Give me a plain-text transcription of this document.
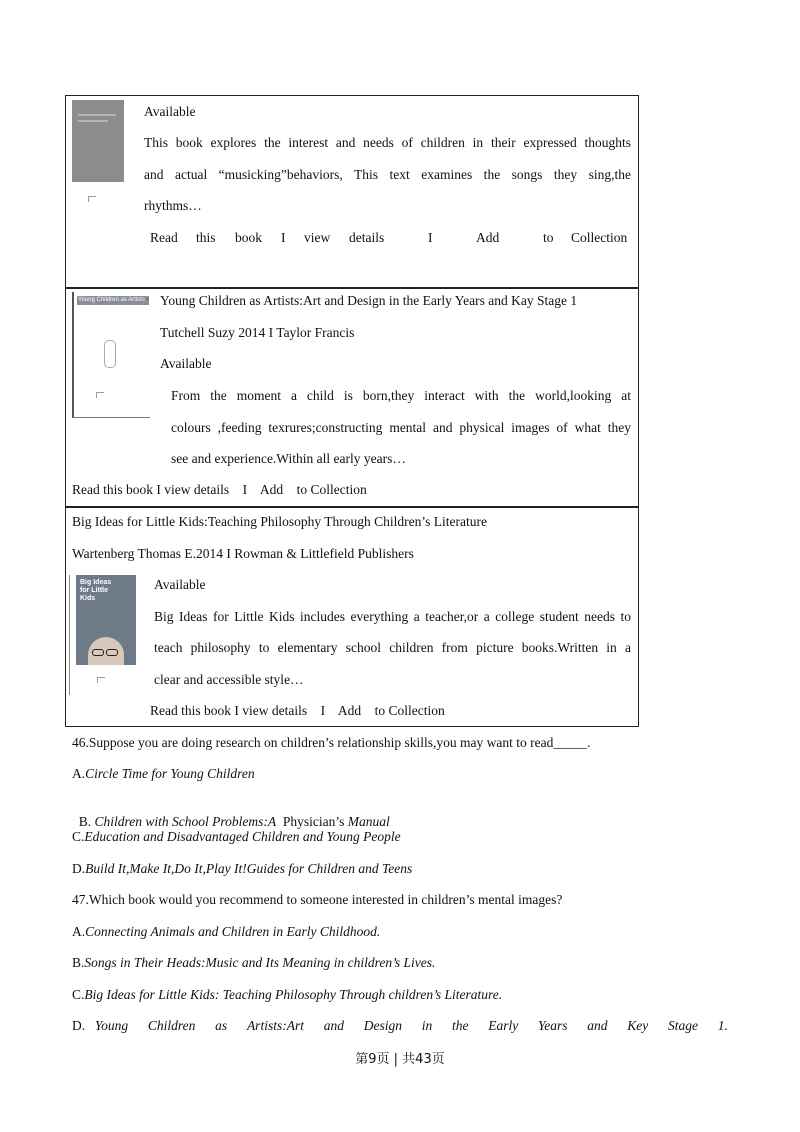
Available
This book explores the interest and needs of children in their expressed thoughts
and actual “musicking”behaviors, This text examines the songs they sing,the
rhythms…
Read this book I view details	I	Add	to Collection
Young Children as Artists · Young Children as Artists:Art and Design in the Early Years and Kay Stage 1
Tutchell Suzy 2014 I Taylor Francis
Available
From the moment a child is born,they interact with the world,looking at
colours ,feeding texrures;constructing mental and physical images of what they
see and experience.Within all early years…
Read this book I view details    I    Add    to Collection
Big Ideas for Little Kids:Teaching Philosophy Through Children’s Literature
Wartenberg Thomas E.2014 I Rowman & Littlefield Publishers
Big Ideas for Little Kids
Available
Big Ideas for Little Kids includes everything a teacher,or a college student needs to
teach philosophy to elementary school children from picture books.Written in a
clear and accessible style…
Read this book I view details    I    Add    to Collection
46.Suppose you are doing research on children’s relationship skills,you may want to read_____.
A.Circle Time for Young Children

B. Children with School Problems:A  Physician’s Manual

C.Education and Disadvantaged Children and Young People
D.Build It,Make It,Do It,Play It!Guides for Children and Teens
47.Which book would you recommend to someone interested in children’s mental images?
A.Connecting Animals and Children in Early Childhood.
B.Songs in Their Heads:Music and Its Meaning in children’s Lives.
C.Big Ideas for Little Kids: Teaching Philosophy Through children’s Literature.
D. Young Children as Artists:Art and Design in the Early Years and Key Stage 1.
第9页 | 共43页
